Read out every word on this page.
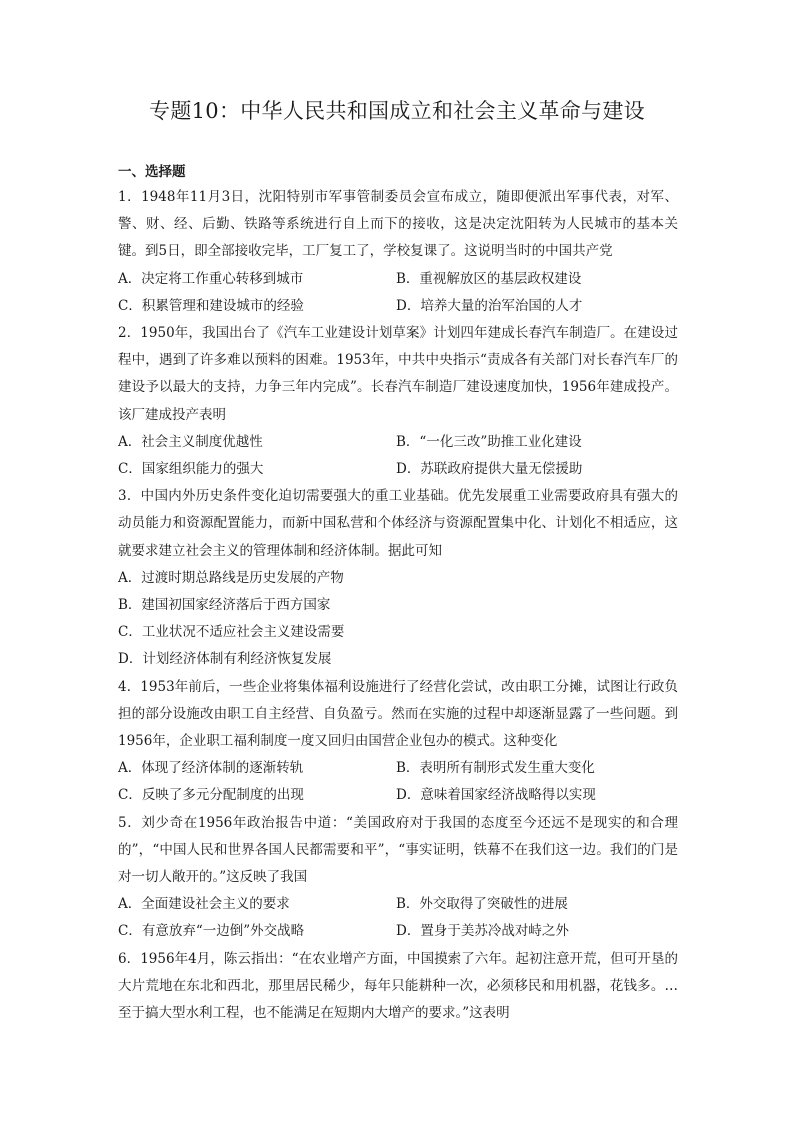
专题10：中华人民共和国成立和社会主义革命与建设

一、选择题

1．1948年11月3日，沈阳特别市军事管制委员会宣布成立，随即便派出军事代表，对军、警、财、经、后勤、铁路等系统进行自上而下的接收，这是决定沈阳转为人民城市的基本关键。到5日，即全部接收完毕，工厂复工了，学校复课了。这说明当时的中国共产党

A．决定将工作重心转移到城市	B．重视解放区的基层政权建设
C．积累管理和建设城市的经验	D．培养大量的治军治国的人才

2．1950年，我国出台了《汽车工业建设计划草案》计划四年建成长春汽车制造厂。在建设过程中，遇到了许多难以预料的困难。1953年，中共中央指示“责成各有关部门对长春汽车厂的建设予以最大的支持，力争三年内完成”。长春汽车制造厂建设速度加快，1956年建成投产。该厂建成投产表明

A．社会主义制度优越性	B．“一化三改”助推工业化建设
C．国家组织能力的强大	D．苏联政府提供大量无偿援助

3．中国内外历史条件变化迫切需要强大的重工业基础。优先发展重工业需要政府具有强大的动员能力和资源配置能力，而新中国私营和个体经济与资源配置集中化、计划化不相适应，这就要求建立社会主义的管理体制和经济体制。据此可知

A．过渡时期总路线是历史发展的产物
B．建国初国家经济落后于西方国家
C．工业状况不适应社会主义建设需要
D．计划经济体制有利经济恢复发展

4．1953年前后，一些企业将集体福利设施进行了经营化尝试，改由职工分摊，试图让行政负担的部分设施改由职工自主经营、自负盈亏。然而在实施的过程中却逐渐显露了一些问题。到1956年，企业职工福利制度一度又回归由国营企业包办的模式。这种变化

A．体现了经济体制的逐渐转轨	B．表明所有制形式发生重大变化
C．反映了多元分配制度的出现	D．意味着国家经济战略得以实现

5．刘少奇在1956年政治报告中道：“美国政府对于我国的态度至今还远不是现实的和合理的”，“中国人民和世界各国人民都需要和平”，“事实证明，铁幕不在我们这一边。我们的门是对一切人敞开的。”这反映了我国

A．全面建设社会主义的要求	B．外交取得了突破性的进展
C．有意放弃“一边倒”外交战略	D．置身于美苏冷战对峙之外

6．1956年4月，陈云指出：“在农业增产方面，中国摸索了六年。起初注意开荒，但可开垦的大片荒地在东北和西北，那里居民稀少，每年只能耕种一次，必须移民和用机器，花钱多。…至于搞大型水利工程，也不能满足在短期内大增产的要求。”这表明
